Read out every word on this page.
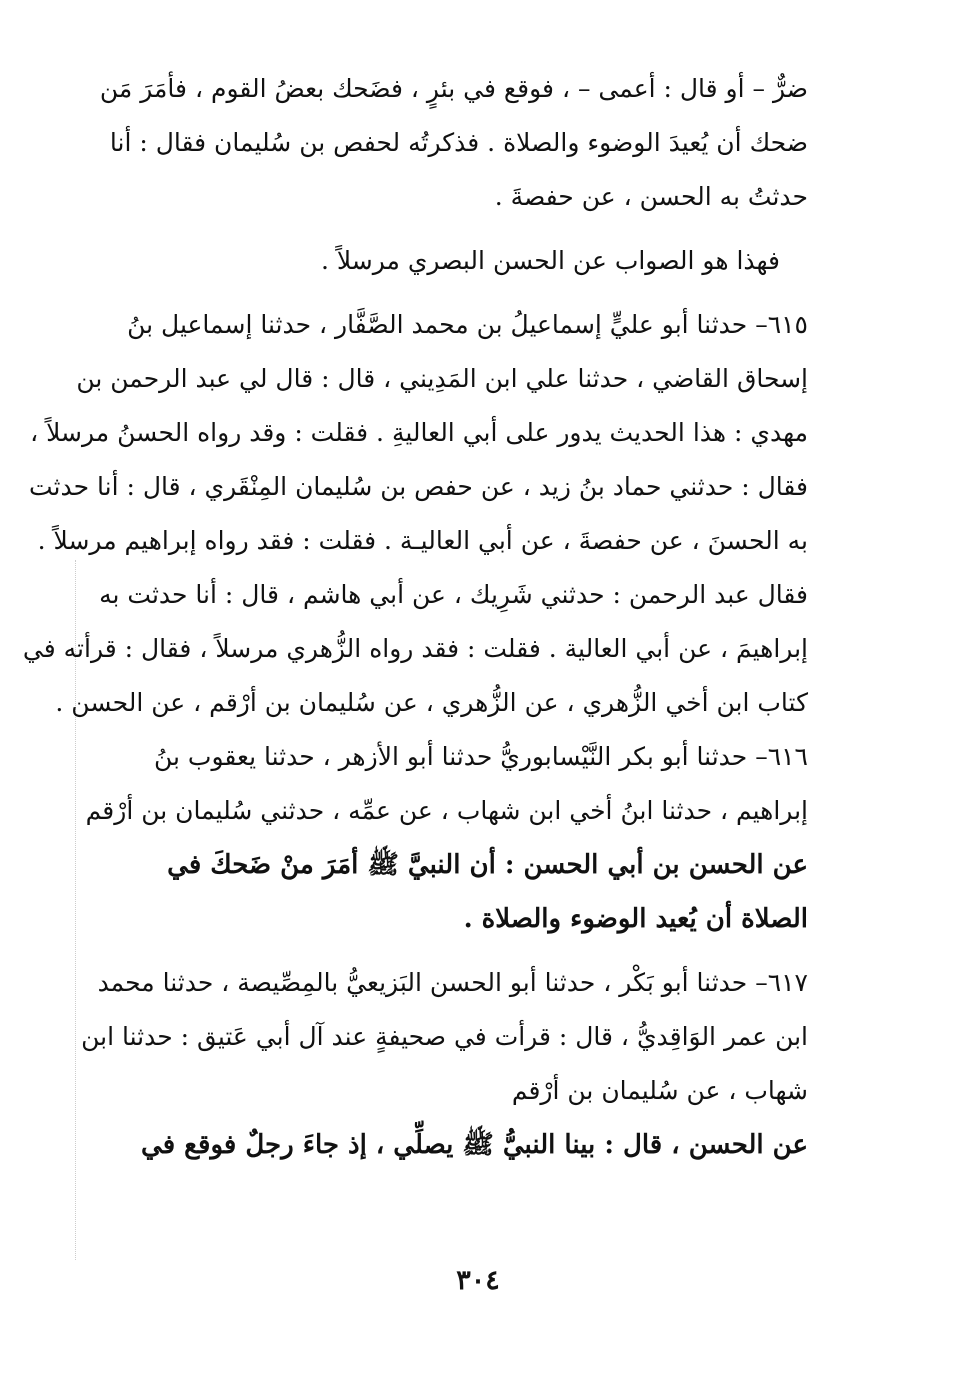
ضرٌّ – أو قال : أعمى – ، فوقع في بئرٍ ، فضَحك بعضُ القوم ، فأمَرَ مَن
ضحك أن يُعيدَ الوضوء والصلاة . فذكرتُه لحفص بن سُليمان فقال : أنا
حدثتُ به الحسن ، عن حفصةَ .
فهذا هو الصواب عن الحسن البصري مرسلاً .
٦١٥– حدثنا أبو عليٍّ إسماعيلُ بن محمد الصَّفَّار ، حدثنا إسماعيل بنُ
إسحاق القاضي ، حدثنا علي ابن المَدِيني ، قال : قال لي عبد الرحمن بن
مهدي : هذا الحديث يدور على أبي العاليةِ . فقلت : وقد رواه الحسنُ مرسلاً ،
فقال : حدثني حماد بنُ زيد ، عن حفص بن سُليمان المِنْقَري ، قال : أنا حدثت
به الحسنَ ، عن حفصةَ ، عن أبي العاليـة . فقلت : فقد رواه إبراهيم مرسلاً .
فقال عبد الرحمن : حدثني شَرِيك ، عن أبي هاشم ، قال : أنا حدثت به
إبراهيمَ ، عن أبي العالية . فقلت : فقد رواه الزُّهري مرسلاً ، فقال : قرأته في
كتاب ابن أخي الزُّهري ، عن الزُّهري ، عن سُليمان بن أرْقم ، عن الحسن .
٦١٦– حدثنا أبو بكر النَّيْسابوريُّ حدثنا أبو الأزهر ، حدثنا يعقوب بنُ
إبراهيم ، حدثنا ابنُ أخي ابن شهاب ، عن عمِّه ، حدثني سُليمان بن أرْقم
عن الحسن بن أبي الحسن : أن النبيَّ ﷺ أمَرَ منْ ضَحكَ في
الصلاة أن يُعيد الوضوء والصلاة .
٦١٧– حدثنا أبو بَكْر ، حدثنا أبو الحسن البَزيعيُّ بالمِصِّيصة ، حدثنا محمد
ابن عمر الوَاقِديُّ ، قال : قرأت في صحيفةٍ عند آل أبي عَتيق : حدثنا ابن
شهاب ، عن سُليمان بن أرْقم
عن الحسن ، قال : بينا النبيُّ ﷺ يصلِّي ، إذ جاءَ رجلٌ فوقع في
٣٠٤
